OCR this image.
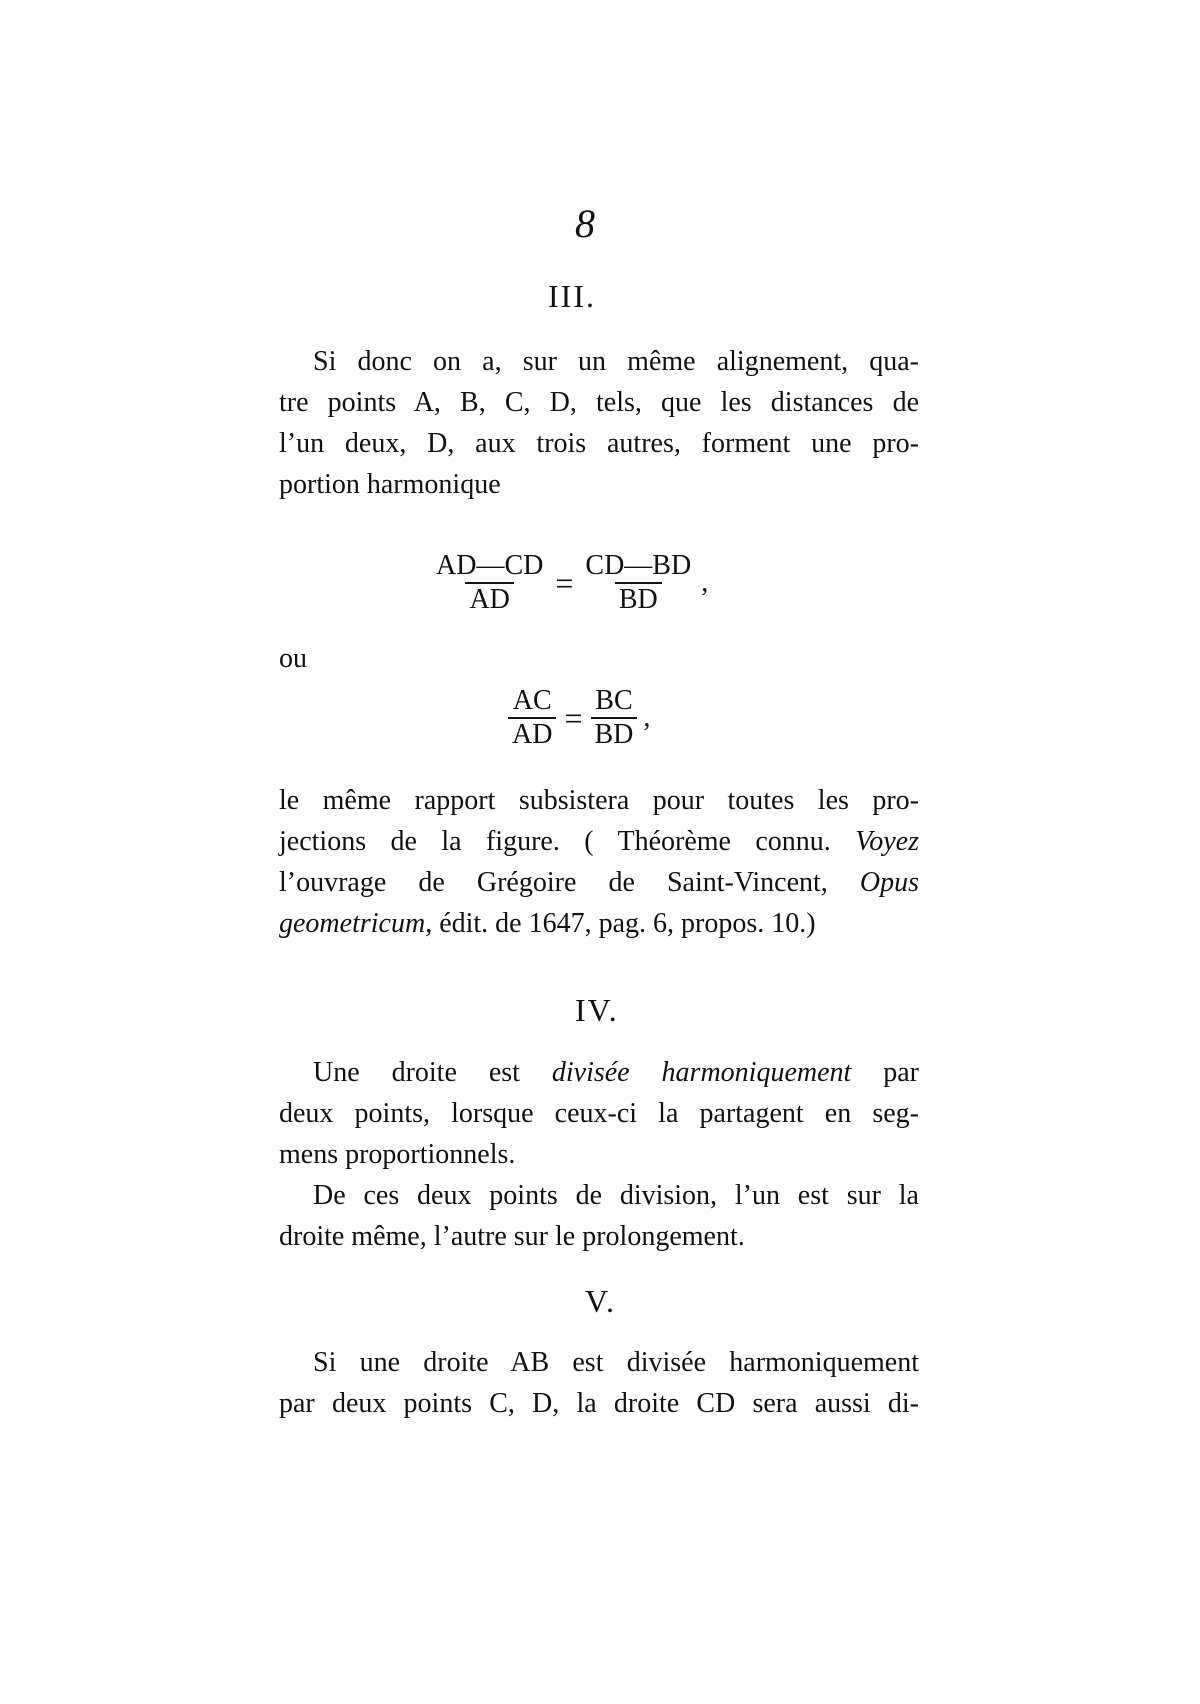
8
III.
Si donc on a, sur un même alignement, qua-
tre points A, B, C, D, tels, que les distances de
l’un deux, D, aux trois autres, forment une pro-
portion harmonique
$\frac{AD—CD}{AD} = \frac{CD—BD}{BD}$ ,
ou
$\frac{AC}{AD} = \frac{BC}{BD}$ ,
le même rapport subsistera pour toutes les pro-
jections de la figure. ( Théorème connu. Voyez
l’ouvrage de Grégoire de Saint-Vincent, Opus
geometricum, édit. de 1647, pag. 6, propos. 10.)
IV.
Une droite est divisée harmoniquement par
deux points, lorsque ceux-ci la partagent en seg-
mens proportionnels.
De ces deux points de division, l’un est sur la
droite même, l’autre sur le prolongement.
V.
Si une droite AB est divisée harmoniquement
par deux points C, D, la droite CD sera aussi di-
